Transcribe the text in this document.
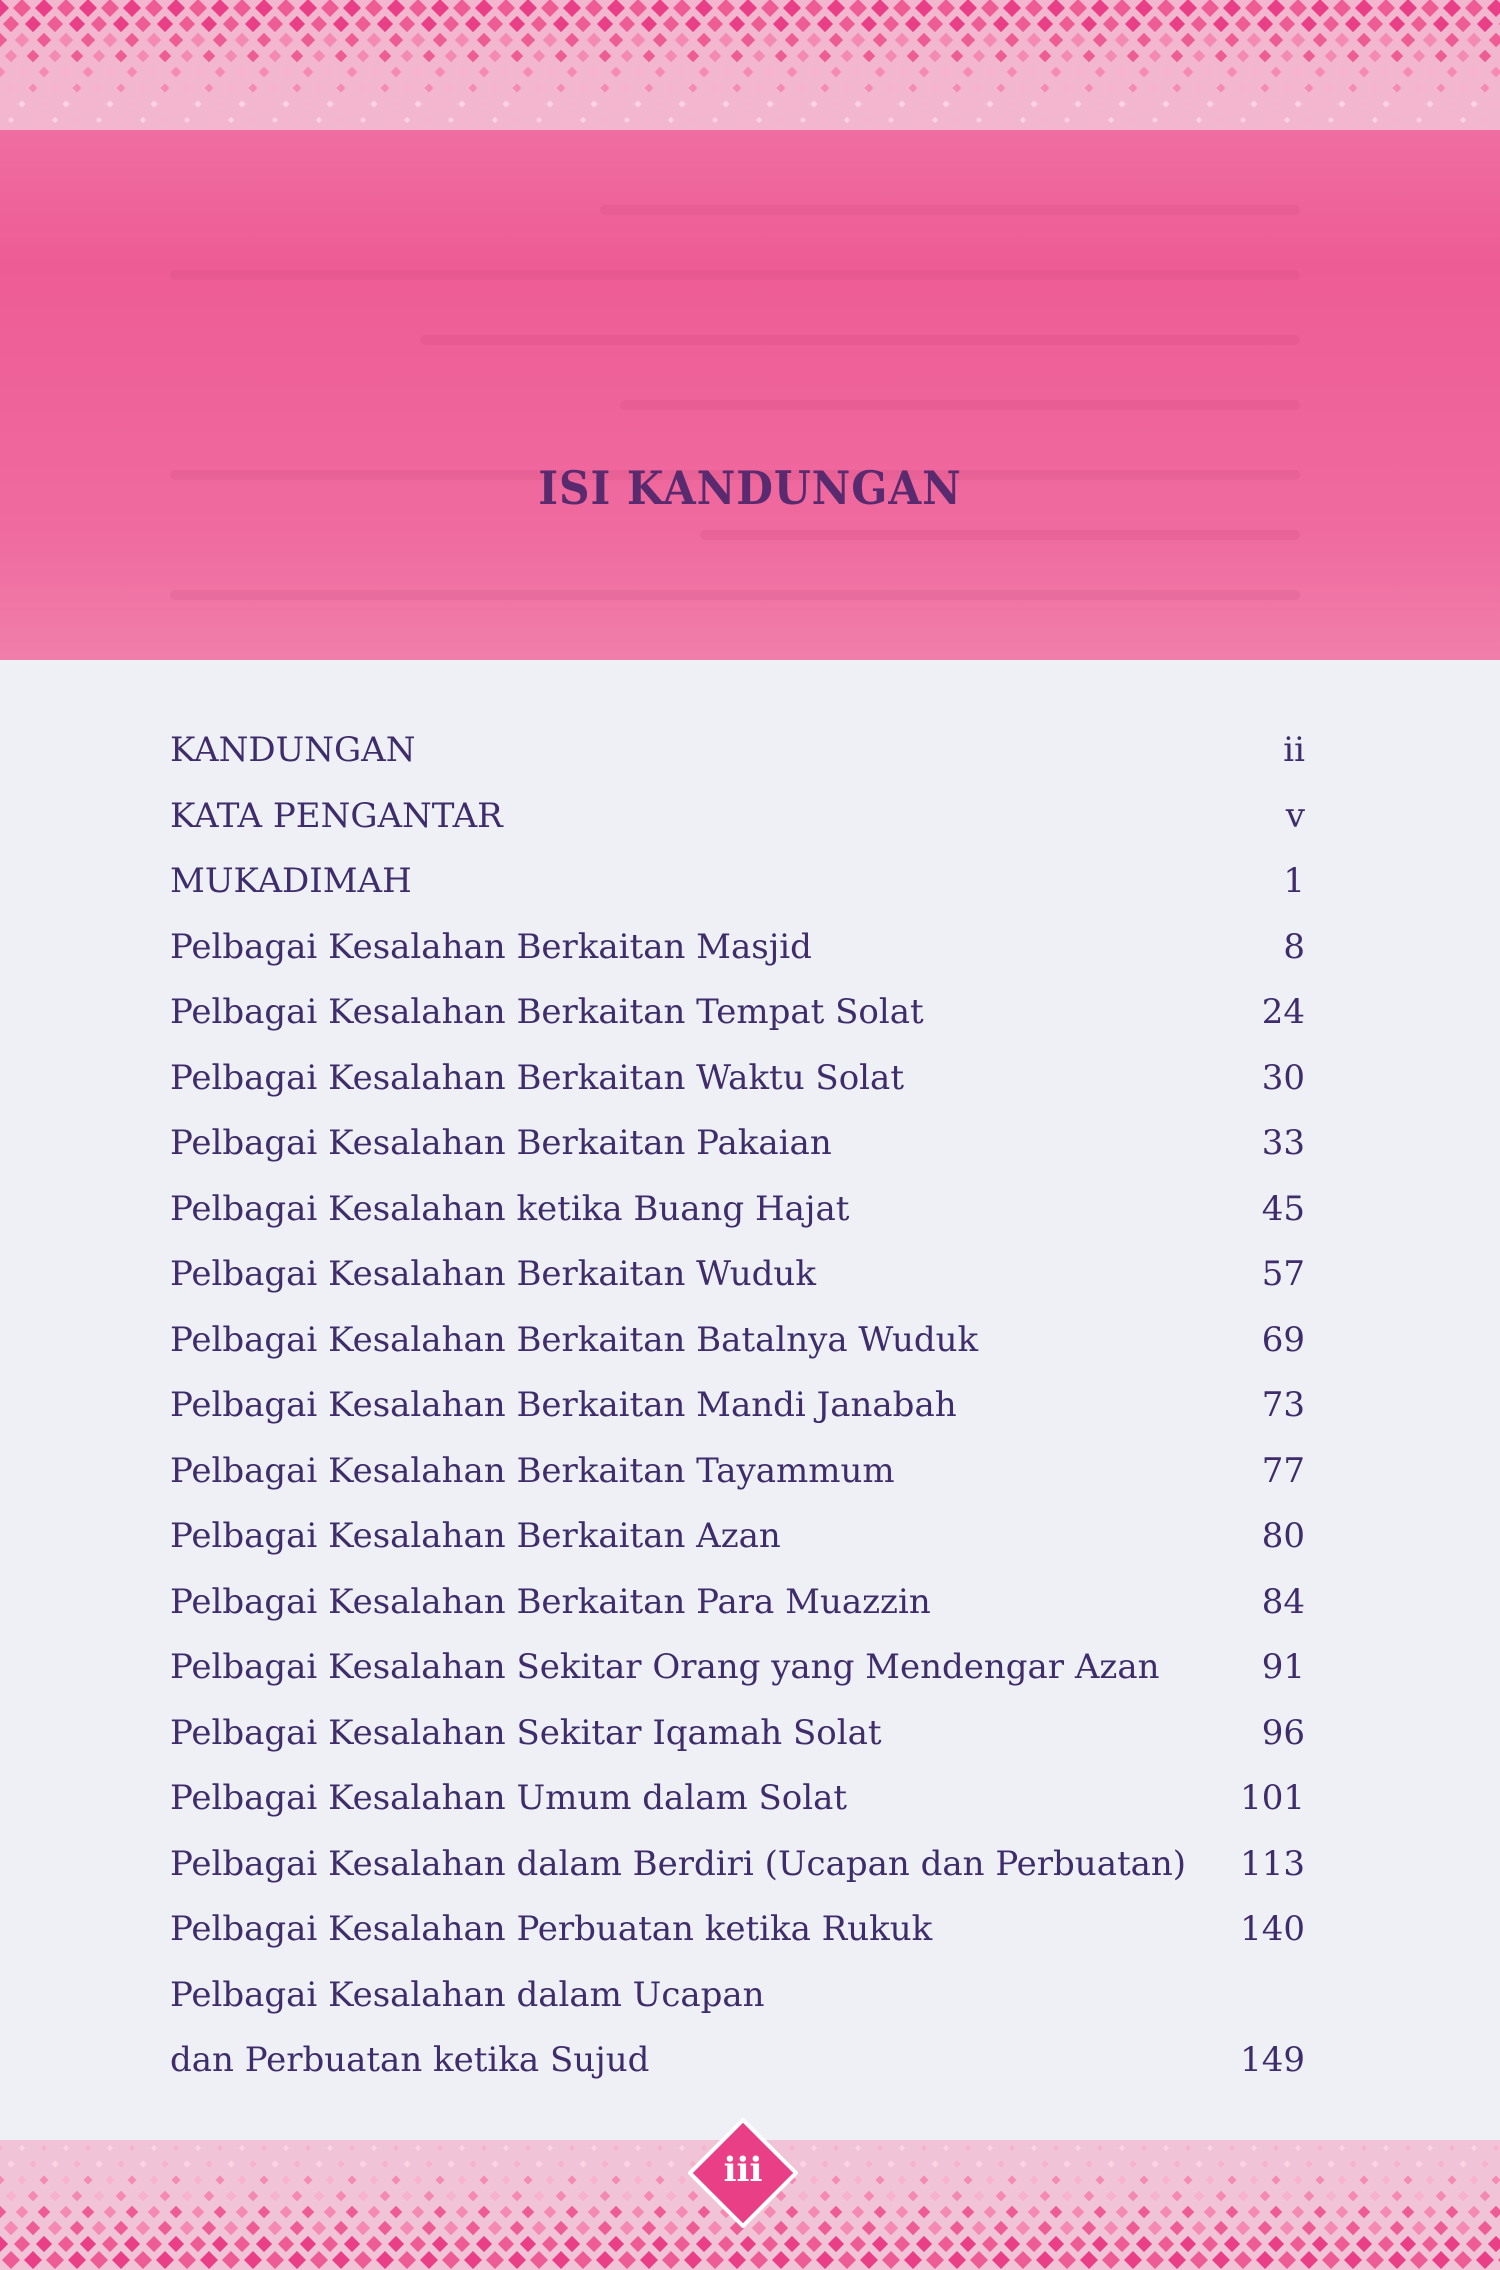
ISI KANDUNGAN
KANDUNGAN	ii
KATA PENGANTAR	v
MUKADIMAH	1
Pelbagai Kesalahan Berkaitan Masjid	8
Pelbagai Kesalahan Berkaitan Tempat Solat	24
Pelbagai Kesalahan Berkaitan Waktu Solat	30
Pelbagai Kesalahan Berkaitan Pakaian	33
Pelbagai Kesalahan ketika Buang Hajat	45
Pelbagai Kesalahan Berkaitan Wuduk	57
Pelbagai Kesalahan Berkaitan Batalnya Wuduk	69
Pelbagai Kesalahan Berkaitan Mandi Janabah	73
Pelbagai Kesalahan Berkaitan Tayammum	77
Pelbagai Kesalahan Berkaitan Azan	80
Pelbagai Kesalahan Berkaitan Para Muazzin	84
Pelbagai Kesalahan Sekitar Orang yang Mendengar Azan	91
Pelbagai Kesalahan Sekitar Iqamah Solat	96
Pelbagai Kesalahan Umum dalam Solat	101
Pelbagai Kesalahan dalam Berdiri (Ucapan dan Perbuatan) 113
Pelbagai Kesalahan Perbuatan ketika Rukuk	140
Pelbagai Kesalahan dalam Ucapan
dan Perbuatan ketika Sujud	149
iii
